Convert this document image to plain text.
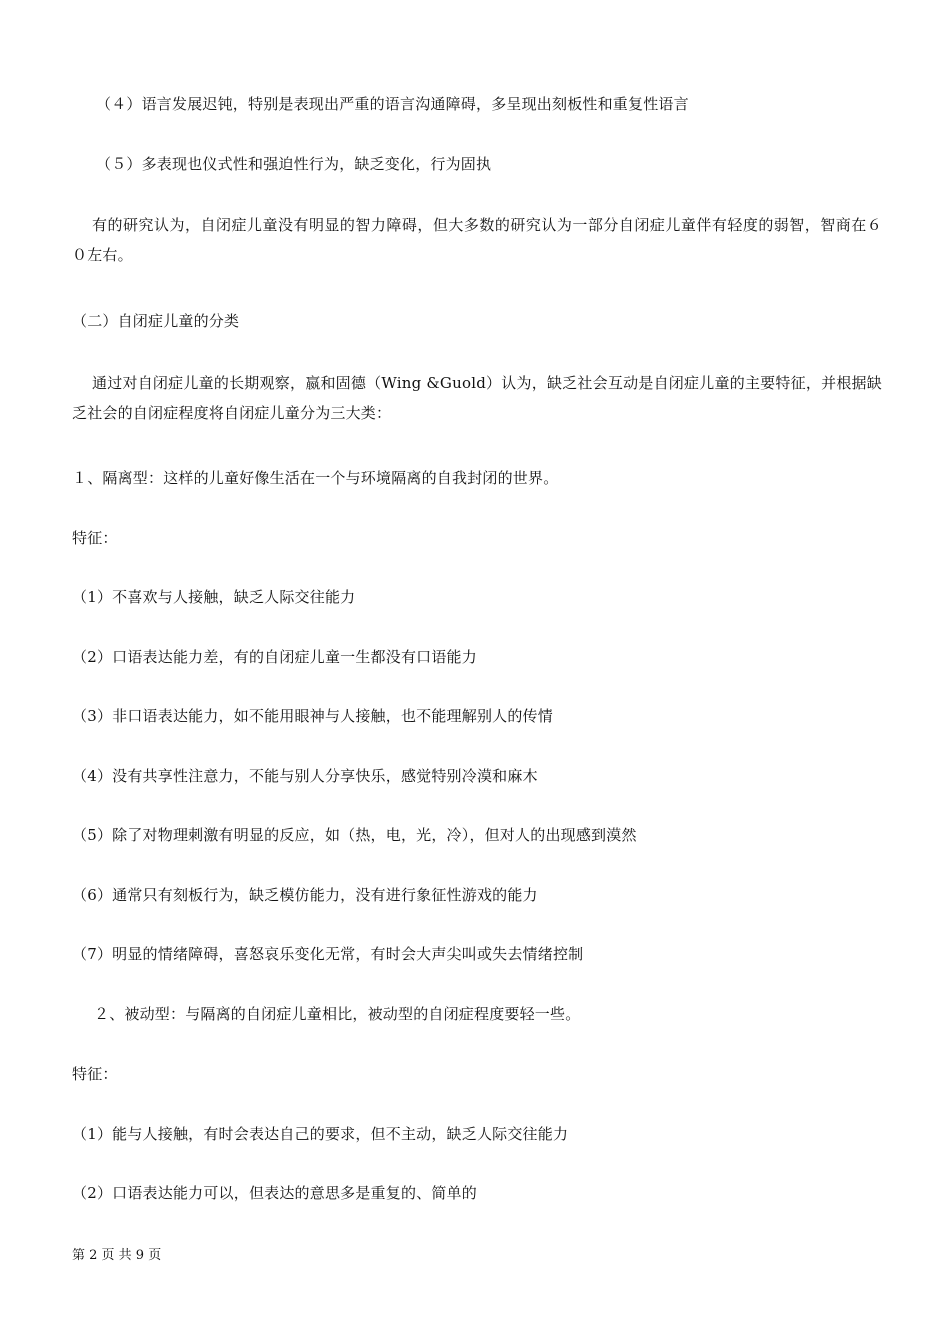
（４）语言发展迟钝，特别是表现出严重的语言沟通障碍，多呈现出刻板性和重复性语言
（５）多表现也仪式性和强迫性行为，缺乏变化，行为固执
有的研究认为，自闭症儿童没有明显的智力障碍，但大多数的研究认为一部分自闭症儿童伴有轻度的弱智，智商在６０左右。
（二）自闭症儿童的分类
通过对自闭症儿童的长期观察，嬴和固德（Wing &Guold）认为，缺乏社会互动是自闭症儿童的主要特征，并根据缺乏社会的自闭症程度将自闭症儿童分为三大类：
１、隔离型：这样的儿童好像生活在一个与环境隔离的自我封闭的世界。
特征：
（1）不喜欢与人接触，缺乏人际交往能力
（2）口语表达能力差，有的自闭症儿童一生都没有口语能力
（3）非口语表达能力，如不能用眼神与人接触，也不能理解别人的传情
（4）没有共享性注意力，不能与别人分享快乐，感觉特别冷漠和麻木
（5）除了对物理刺激有明显的反应，如（热，电，光，冷），但对人的出现感到漠然
（6）通常只有刻板行为，缺乏模仿能力，没有进行象征性游戏的能力
（7）明显的情绪障碍，喜怒哀乐变化无常，有时会大声尖叫或失去情绪控制
２、被动型：与隔离的自闭症儿童相比，被动型的自闭症程度要轻一些。
特征：
（1）能与人接触，有时会表达自己的要求，但不主动，缺乏人际交往能力
（2）口语表达能力可以，但表达的意思多是重复的、简单的
第 2 页 共 9 页
